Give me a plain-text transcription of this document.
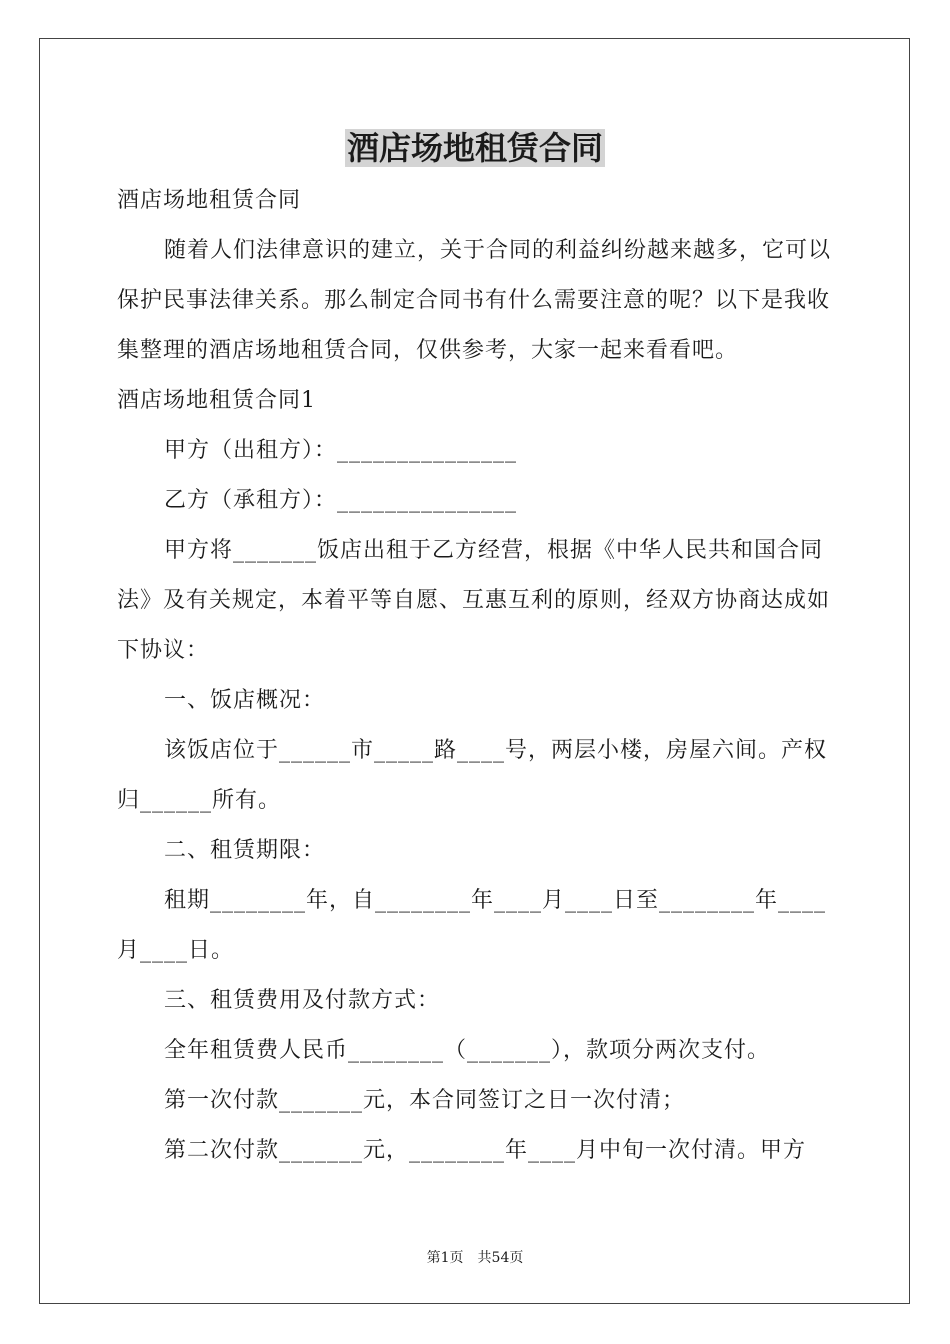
酒店场地租赁合同

酒店场地租赁合同

随着人们法律意识的建立，关于合同的利益纠纷越来越多，它可以保护民事法律关系。那么制定合同书有什么需要注意的呢？以下是我收集整理的酒店场地租赁合同，仅供参考，大家一起来看看吧。

酒店场地租赁合同1

甲方（出租方）：_______________

乙方（承租方）：_______________

甲方将_______饭店出租于乙方经营，根据《中华人民共和国合同法》及有关规定，本着平等自愿、互惠互利的原则，经双方协商达成如下协议：

一、饭店概况：

该饭店位于______市_____路____号，两层小楼，房屋六间。产权归______所有。

二、租赁期限：

租期________年，自________年____月____日至________年____月____日。

三、租赁费用及付款方式：

全年租赁费人民币________（_______），款项分两次支付。

第一次付款_______元，本合同签订之日一次付清；

第二次付款_______元，________年____月中旬一次付清。甲方

第1页　共54页
